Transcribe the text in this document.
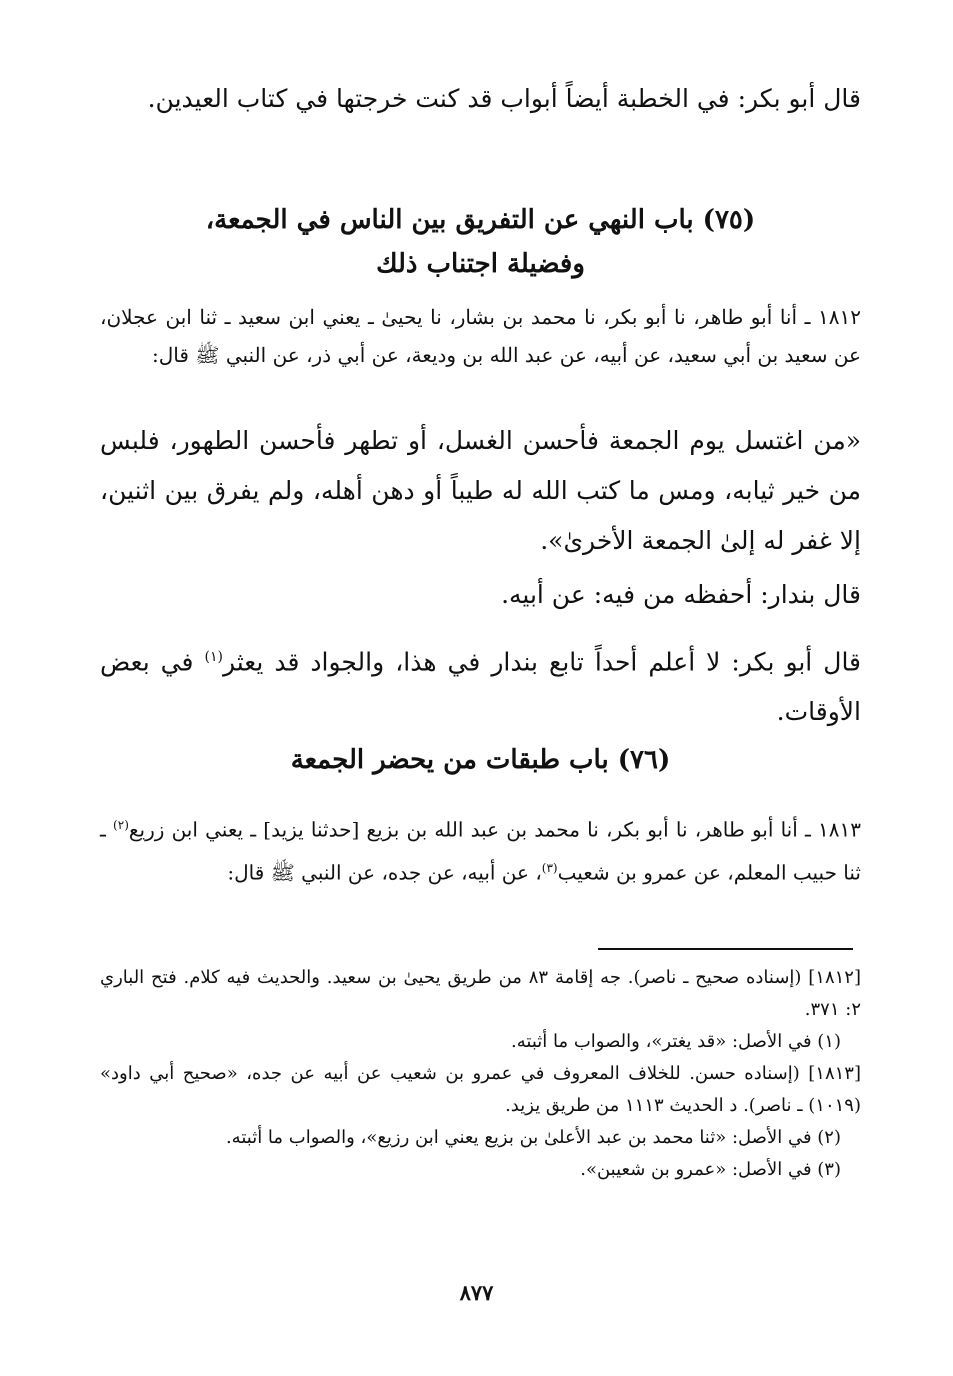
قال أبو بكر: في الخطبة أيضاً أبواب قد كنت خرجتها في كتاب العيدين.
(٧٥) باب النهي عن التفريق بين الناس في الجمعة،
وفضيلة اجتناب ذلك
١٨١٢ ـ أنا أبو طاهر، نا أبو بكر، نا محمد بن بشار، نا يحيىٰ ـ يعني ابن سعيد ـ ثنا ابن عجلان، عن سعيد بن أبي سعيد، عن أبيه، عن عبد الله بن وديعة، عن أبي ذر، عن النبي ﷺ قال:
«من اغتسل يوم الجمعة فأحسن الغسل، أو تطهر فأحسن الطهور، فلبس من خير ثيابه، ومس ما كتب الله له طيباً أو دهن أهله، ولم يفرق بين اثنين، إلا غفر له إلىٰ الجمعة الأخرىٰ».
قال بندار: أحفظه من فيه: عن أبيه.
قال أبو بكر: لا أعلم أحداً تابع بندار في هذا، والجواد قد يعثر$^{(١)}$ في بعض الأوقات.
(٧٦) باب طبقات من يحضر الجمعة
١٨١٣ ـ أنا أبو طاهر، نا أبو بكر، نا محمد بن عبد الله بن بزيع [حدثنا يزيد] ـ يعني ابن زريع$^{(٢)}$ ـ ثنا حبيب المعلم، عن عمرو بن شعيب$^{(٣)}$، عن أبيه، عن جده، عن النبي ﷺ قال:
[١٨١٢] (إسناده صحيح ـ ناصر). جه إقامة ٨٣ من طريق يحيىٰ بن سعيد. والحديث فيه كلام. فتح الباري ٢: ٣٧١.
(١) في الأصل: «قد يغتر»، والصواب ما أثبته.
[١٨١٣] (إسناده حسن. للخلاف المعروف في عمرو بن شعيب عن أبيه عن جده، «صحيح أبي داود» (١٠١٩) ـ ناصر). د الحديث ١١١٣ من طريق يزيد.
(٢) في الأصل: «ثنا محمد بن عبد الأعلىٰ بن بزيع يعني ابن رزيع»، والصواب ما أثبته.
(٣) في الأصل: «عمرو بن شعيبن».
٨٧٧
